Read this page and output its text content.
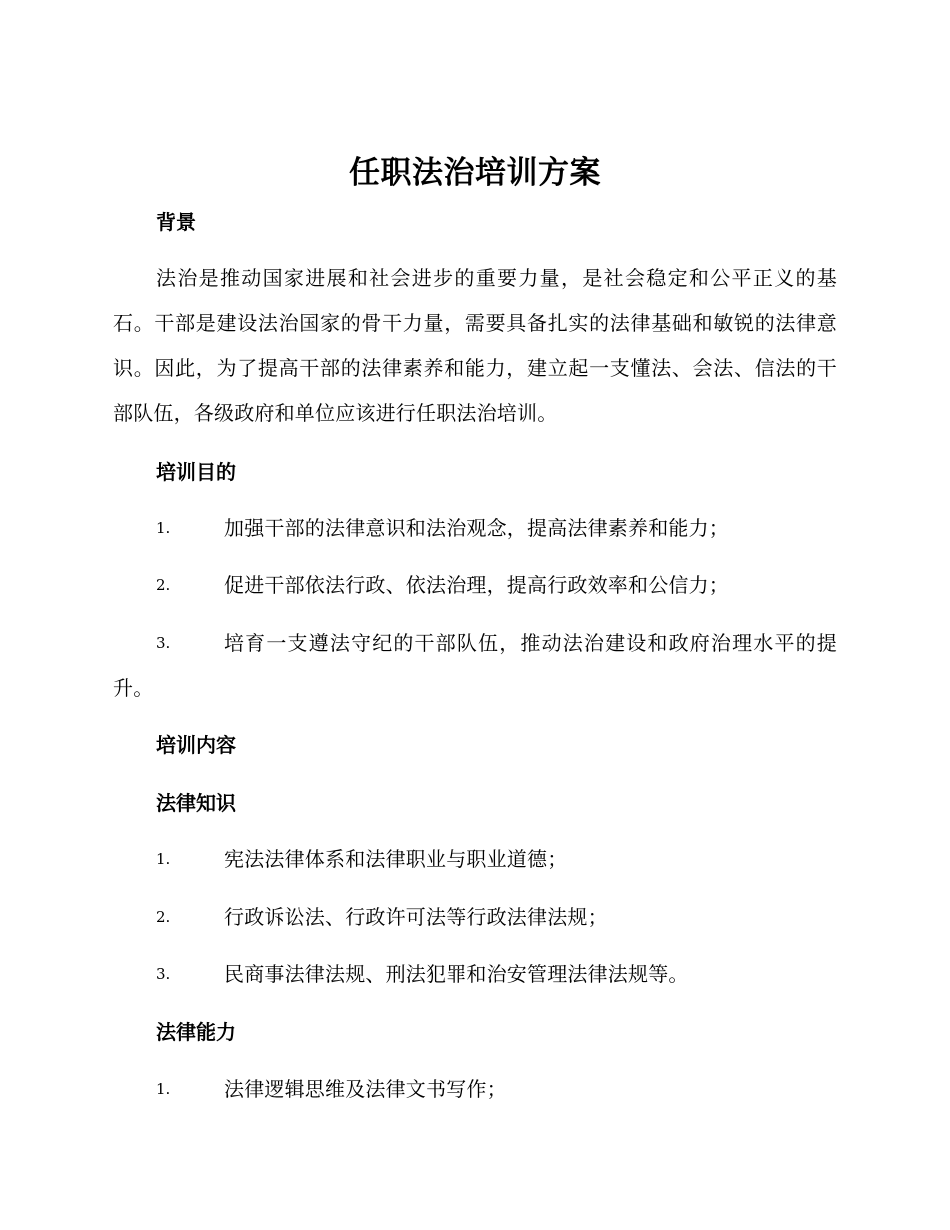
任职法治培训方案
背景
法治是推动国家进展和社会进步的重要力量，是社会稳定和公平正义的基石。干部是建设法治国家的骨干力量，需要具备扎实的法律基础和敏锐的法律意识。因此，为了提高干部的法律素养和能力，建立起一支懂法、会法、信法的干部队伍，各级政府和单位应该进行任职法治培训。
培训目的
1.	加强干部的法律意识和法治观念，提高法律素养和能力；
2.	促进干部依法行政、依法治理，提高行政效率和公信力；
3.	培育一支遵法守纪的干部队伍，推动法治建设和政府治理水平的提升。
培训内容
法律知识
1.	宪法法律体系和法律职业与职业道德；
2.	行政诉讼法、行政许可法等行政法律法规；
3.	民商事法律法规、刑法犯罪和治安管理法律法规等。
法律能力
1.	法律逻辑思维及法律文书写作；
